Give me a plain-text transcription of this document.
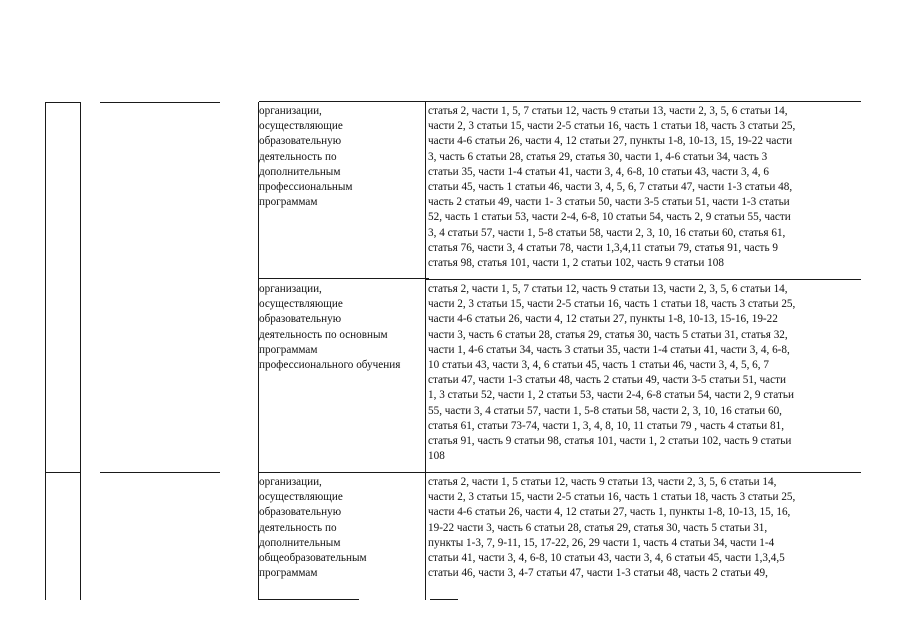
организации,
осуществляющие
образовательную
деятельность по
дополнительным
профессиональным
программам
статья 2, части 1, 5, 7 статьи 12, часть 9 статьи 13, части 2, 3, 5, 6 статьи 14,
части 2, 3 статьи 15, части 2-5 статьи 16, часть 1 статьи 18, часть 3 статьи 25,
части 4-6 статьи 26, части 4, 12 статьи 27, пункты 1-8, 10-13, 15, 19-22 части
3, часть 6 статьи 28, статья 29, статья 30, части 1, 4-6 статьи 34, часть 3
статьи 35, части 1-4 статьи 41, части 3, 4, 6-8, 10 статьи 43, части 3, 4, 6
статьи 45, часть 1 статьи 46, части 3, 4, 5, 6, 7 статьи 47, части 1-3 статьи 48,
часть 2 статьи 49, части 1- 3 статьи 50, части 3-5 статьи 51, части 1-3 статьи
52, часть 1 статьи 53, части 2-4, 6-8, 10 статьи 54, часть 2, 9 статьи 55, части
3, 4 статьи 57, части 1, 5-8 статьи 58, части 2, 3, 10, 16 статьи 60, статья 61,
статья 76, части 3, 4 статьи 78, части 1,3,4,11 статьи 79, статья 91, часть 9
статья 98, статья 101, части 1, 2 статьи 102, часть 9 статьи 108
организации,
осуществляющие
образовательную
деятельность по основным
программам
профессионального обучения
статья 2, части 1, 5, 7 статьи 12, часть 9 статьи 13, части 2, 3, 5, 6 статьи 14,
части 2, 3 статьи 15, части 2-5 статьи 16, часть 1 статьи 18, часть 3 статьи 25,
части 4-6 статьи 26, части 4, 12 статьи 27, пункты 1-8, 10-13, 15-16, 19-22
части 3, часть 6 статьи 28, статья 29, статья 30, часть 5 статьи 31, статья 32,
части 1, 4-6 статьи 34, часть 3 статьи 35, части 1-4 статьи 41, части 3, 4, 6-8,
10 статьи 43, части 3, 4, 6 статьи 45, часть 1 статьи 46, части 3, 4, 5, 6, 7
статьи 47, части 1-3 статьи 48, часть 2 статьи 49, части 3-5 статьи 51, части
1, 3 статьи 52, части 1, 2 статьи 53, части 2-4, 6-8 статьи 54, части 2, 9 статьи
55, части 3, 4 статьи 57, части 1, 5-8 статьи 58, части 2, 3, 10, 16 статьи 60,
статья 61, статьи 73-74, части 1, 3, 4, 8, 10, 11 статьи 79 , часть 4 статьи 81,
статья 91, часть 9 статьи 98, статья 101, части 1, 2 статьи 102, часть 9 статьи
108
организации,
осуществляющие
образовательную
деятельность по
дополнительным
общеобразовательным
программам
статья 2, части 1, 5 статьи 12, часть 9 статьи 13, части 2, 3, 5, 6 статьи 14,
части 2, 3 статьи 15, части 2-5 статьи 16, часть 1 статьи 18, часть 3 статьи 25,
части 4-6 статьи 26, части 4, 12 статьи 27, часть 1, пункты 1-8, 10-13, 15, 16,
19-22 части 3, часть 6 статьи 28, статья 29, статья 30, часть 5 статьи 31,
пункты 1-3, 7, 9-11, 15, 17-22, 26, 29 части 1, часть 4 статьи 34, части 1-4
статьи 41, части 3, 4, 6-8, 10 статьи 43, части 3, 4, 6 статьи 45, части 1,3,4,5
статьи 46, части 3, 4-7 статьи 47, части 1-3 статьи 48, часть 2 статьи 49,
